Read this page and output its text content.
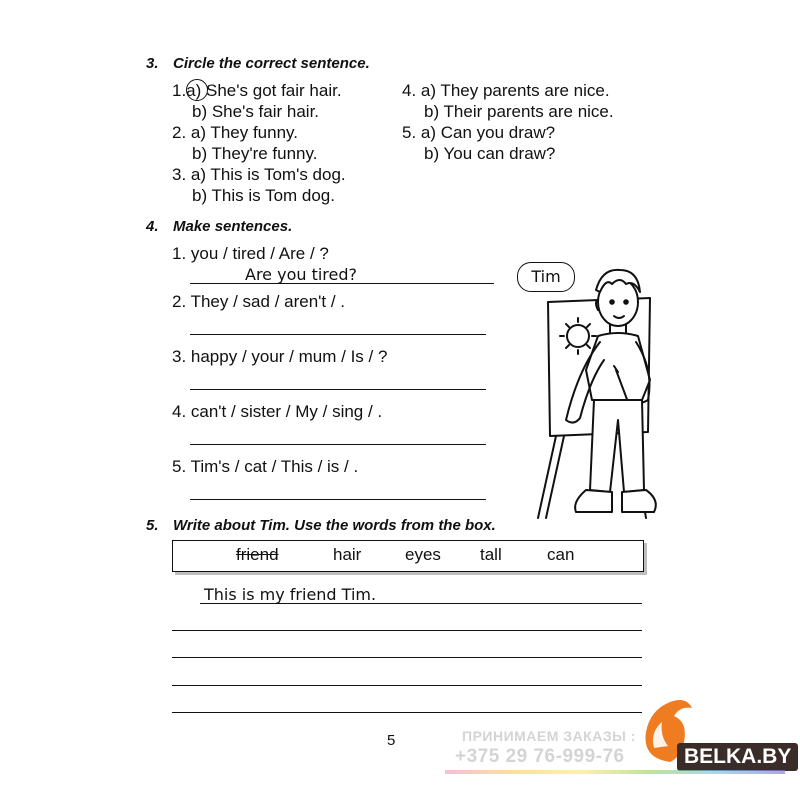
3. Circle the correct sentence.
1.a) She's got fair hair.
b) She's fair hair.
2. a) They funny.
b) They're funny.
3. a) This is Tom's dog.
b) This is Tom dog.
4. a) They parents are nice.
b) Their parents are nice.
5. a) Can you draw?
b) You can draw?
4. Make sentences.
1. you / tired / Are / ?
Are you tired?
2. They / sad / aren't / .
3. happy / your / mum / Is / ?
4. can't / sister / My / sing / .
5. Tim's / cat / This / is / .
Tim
5. Write about Tim. Use the words from the box.
friend	hair	eyes tall	can
This is my friend Tim.
5	ПРИНИМАЕМ ЗАКАЗЫ :
+375 29 76-999-76	BELKA.BY
